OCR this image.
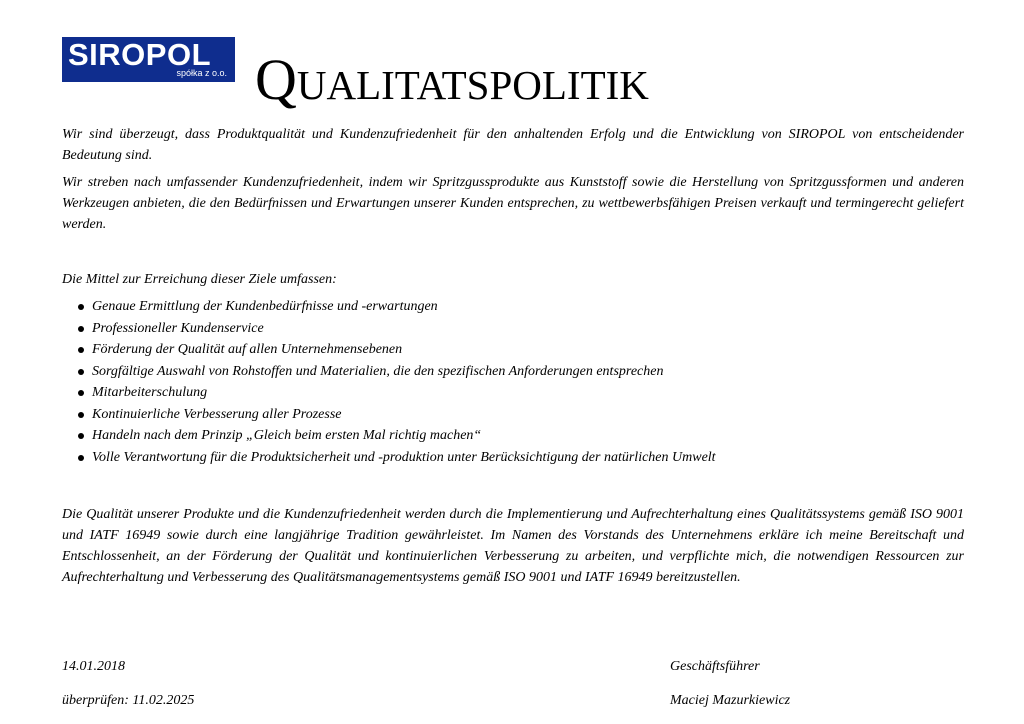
SIROPOL
spółka z o.o. Qualitatspolitik

Wir sind überzeugt, dass Produktqualität und Kundenzufriedenheit für den anhaltenden Erfolg und die Entwicklung von SIROPOL von entscheidender Bedeutung sind.

Wir streben nach umfassender Kundenzufriedenheit, indem wir Spritzgussprodukte aus Kunststoff sowie die Herstellung von Spritzgussformen und anderen Werkzeugen anbieten, die den Bedürfnissen und Erwartungen unserer Kunden entsprechen, zu wettbewerbsfähigen Preisen verkauft und termingerecht geliefert werden.

Die Mittel zur Erreichung dieser Ziele umfassen:

Genaue Ermittlung der Kundenbedürfnisse und -erwartungen
Professioneller Kundenservice
Förderung der Qualität auf allen Unternehmensebenen
Sorgfältige Auswahl von Rohstoffen und Materialien, die den spezifischen Anforderungen entsprechen
Mitarbeiterschulung
Kontinuierliche Verbesserung aller Prozesse
Handeln nach dem Prinzip „Gleich beim ersten Mal richtig machen“
Volle Verantwortung für die Produktsicherheit und -produktion unter Berücksichtigung der natürlichen Umwelt

Die Qualität unserer Produkte und die Kundenzufriedenheit werden durch die Implementierung und Aufrechterhaltung eines Qualitätssystems gemäß ISO 9001 und IATF 16949 sowie durch eine langjährige Tradition gewährleistet. Im Namen des Vorstands des Unternehmens erkläre ich meine Bereitschaft und Entschlossenheit, an der Förderung der Qualität und kontinuierlichen Verbesserung zu arbeiten, und verpflichte mich, die notwendigen Ressourcen zur Aufrechterhaltung und Verbesserung des Qualitätsmanagementsystems gemäß ISO 9001 und IATF 16949 bereitzustellen.

14.01.2018
überprüfen: 11.02.2025
Geschäftsführer
Maciej Mazurkiewicz
